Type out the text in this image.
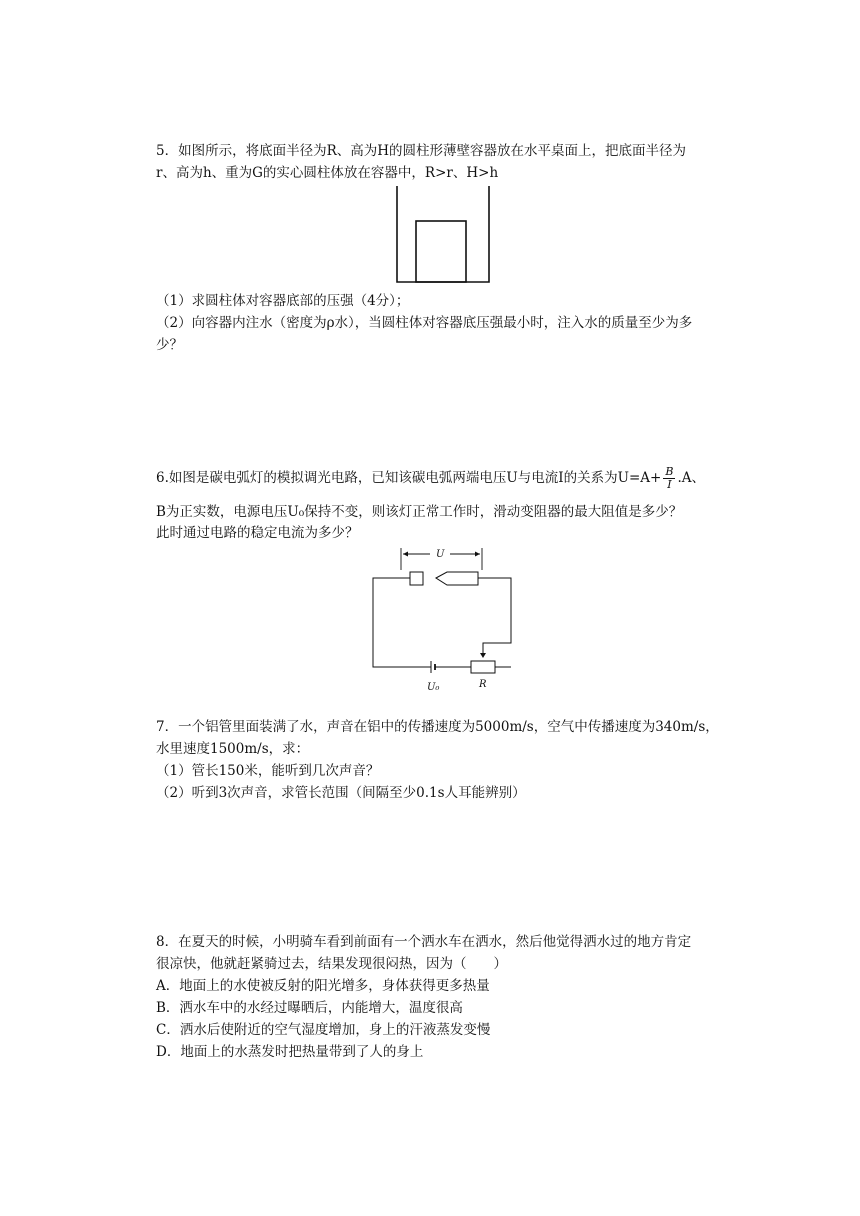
5．如图所示，将底面半径为R、高为H的圆柱形薄壁容器放在水平桌面上，把底面半径为
r、高为h、重为G的实心圆柱体放在容器中，R>r、H>h
（1）求圆柱体对容器底部的压强（4分）；
（2）向容器内注水（密度为ρ水），当圆柱体对容器底压强最小时，注入水的质量至少为多
少？
6.如图是碳电弧灯的模拟调光电路，已知该碳电弧两端电压U与电流I的关系为$U=A+ \frac{B}{I} .A$、
B为正实数，电源电压U₀保持不变，则该灯正常工作时，滑动变阻器的最大阻值是多少？
此时通过电路的稳定电流为多少？
U
U₀	R
7．一个铝管里面装满了水，声音在铝中的传播速度为5000m/s，空气中传播速度为340m/s，
水里速度1500m/s，求：
（1）管长150米，能听到几次声音？
（2）听到3次声音，求管长范围（间隔至少0.1s人耳能辨别）
8．在夏天的时候，小明骑车看到前面有一个洒水车在洒水，然后他觉得洒水过的地方肯定
很凉快，他就赶紧骑过去，结果发现很闷热，因为（　　）
A．地面上的水使被反射的阳光增多，身体获得更多热量
B．洒水车中的水经过曝晒后，内能增大，温度很高
C．洒水后使附近的空气湿度增加，身上的汗液蒸发变慢
D．地面上的水蒸发时把热量带到了人的身上
